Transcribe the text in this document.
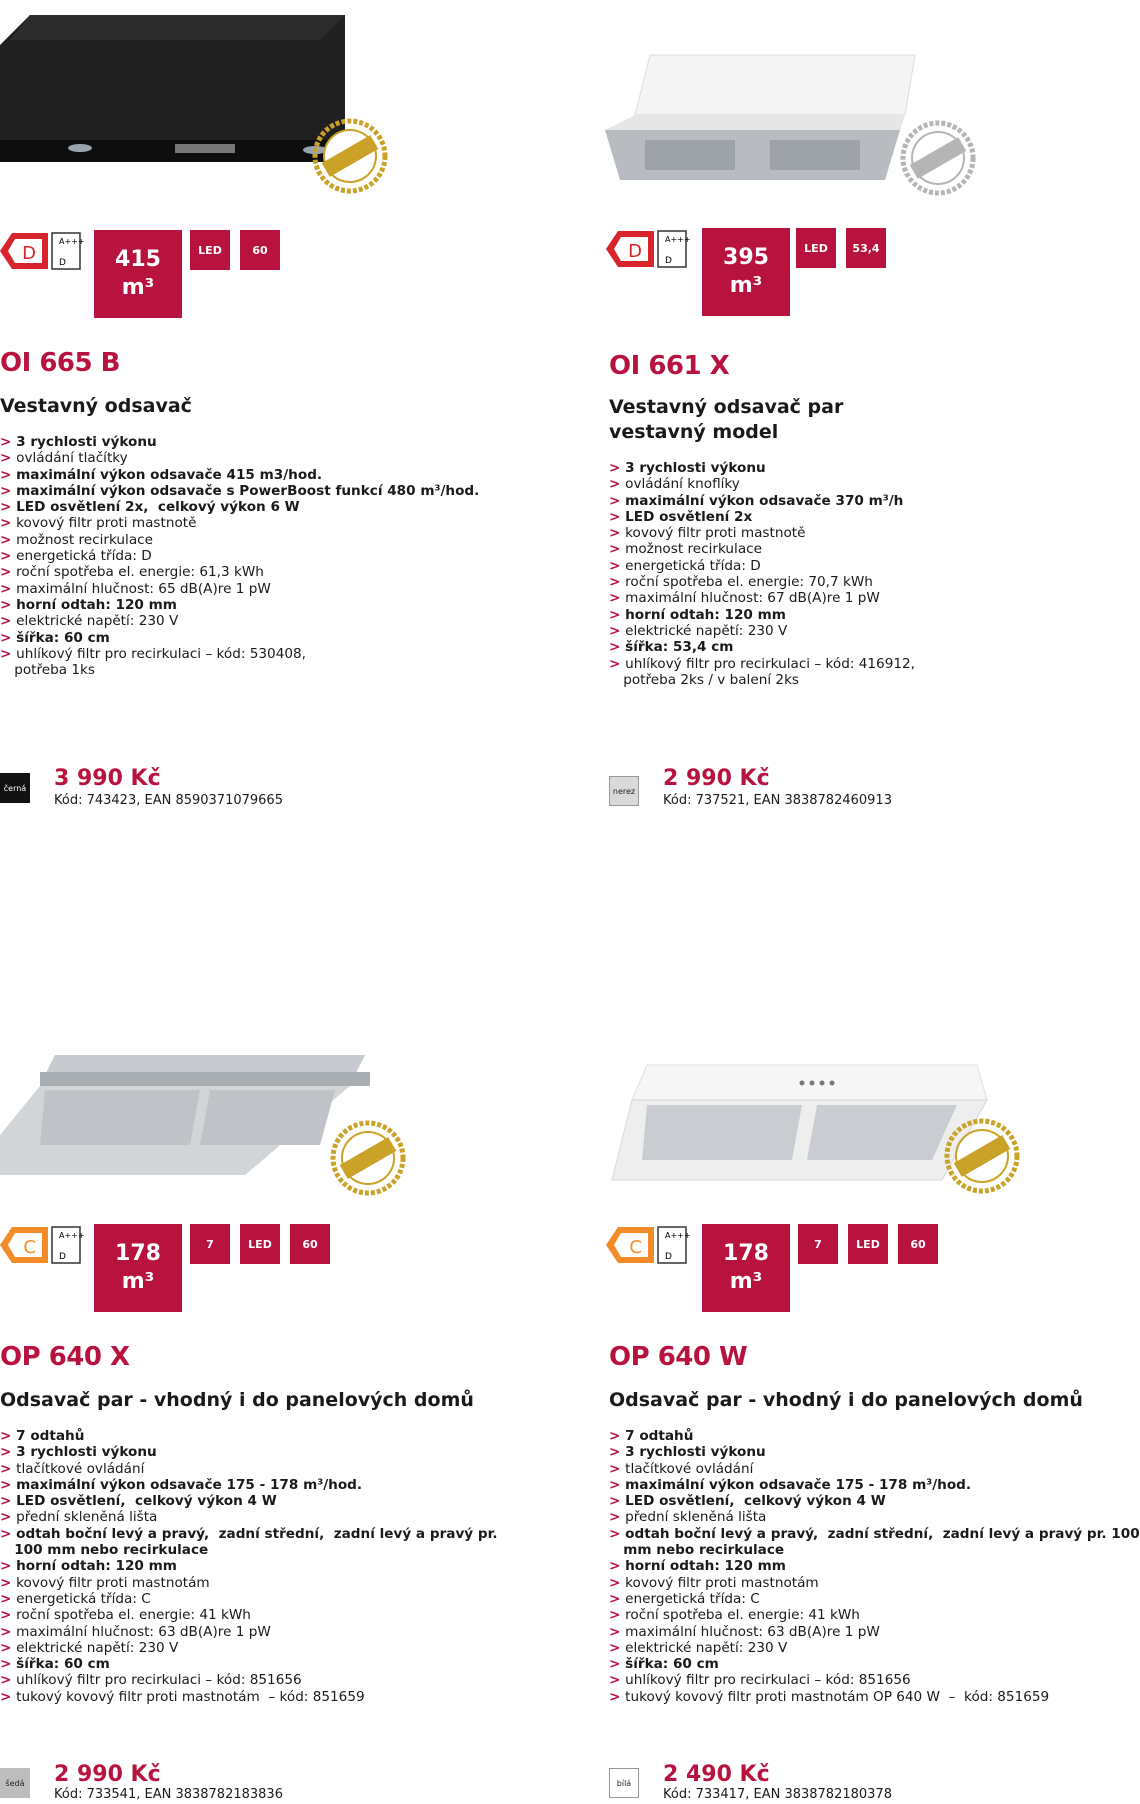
D
A+++
D	415
m³
LED	60
OI 665 B
Vestavný odsavač
> 3 rychlosti výkonu
> ovládání tlačítky
> maximální výkon odsavače 415 m3/hod.
> maximální výkon odsavače s PowerBoost funkcí 480 m³/hod.
> LED osvětlení 2x,  celkový výkon 6 W
> kovový filtr proti mastnotě
> možnost recirkulace
> energetická třída: D
> roční spotřeba el. energie: 61,3 kWh
> maximální hlučnost: 65 dB(A)re 1 pW
> horní odtah: 120 mm
> elektrické napětí: 230 V
> šířka: 60 cm
> uhlíkový filtr pro recirkulaci – kód: 530408,
potřeba 1ks
černá 3 990 Kč
Kód: 743423, EAN 8590371079665
D
A+++
D	395
m³
LED	53,4
OI 661 X
Vestavný odsavač par
vestavný model
> 3 rychlosti výkonu
> ovládání knoflíky
> maximální výkon odsavače 370 m³/h
> LED osvětlení 2x
> kovový filtr proti mastnotě
> možnost recirkulace
> energetická třída: D
> roční spotřeba el. energie: 70,7 kWh
> maximální hlučnost: 67 dB(A)re 1 pW
> horní odtah: 120 mm
> elektrické napětí: 230 V
> šířka: 53,4 cm
> uhlíkový filtr pro recirkulaci – kód: 416912,
potřeba 2ks / v balení 2ks
nerez 2 990 Kč
Kód: 737521, EAN 3838782460913
C
A+++
D	178
m³
7	LED	60
OP 640 X
Odsavač par - vhodný i do panelových domů
> 7 odtahů
> 3 rychlosti výkonu
> tlačítkové ovládání
> maximální výkon odsavače 175 - 178 m³/hod.
> LED osvětlení,  celkový výkon 4 W
> přední skleněná lišta
> odtah boční levý a pravý,  zadní střední,  zadní levý a pravý pr.
100 mm nebo recirkulace
> horní odtah: 120 mm
> kovový filtr proti mastnotám
> energetická třída: C
> roční spotřeba el. energie: 41 kWh
> maximální hlučnost: 63 dB(A)re 1 pW
> elektrické napětí: 230 V
> šířka: 60 cm
> uhlíkový filtr pro recirkulaci – kód: 851656
> tukový kovový filtr proti mastnotám  – kód: 851659
šedá 2 990 Kč
Kód: 733541, EAN 3838782183836
C
A+++
D	178
m³
7	LED	60
OP 640 W
Odsavač par - vhodný i do panelových domů
> 7 odtahů
> 3 rychlosti výkonu
> tlačítkové ovládání
> maximální výkon odsavače 175 - 178 m³/hod.
> LED osvětlení,  celkový výkon 4 W
> přední skleněná lišta
> odtah boční levý a pravý,  zadní střední,  zadní levý a pravý pr. 100
mm nebo recirkulace
> horní odtah: 120 mm
> kovový filtr proti mastnotám
> energetická třída: C
> roční spotřeba el. energie: 41 kWh
> maximální hlučnost: 63 dB(A)re 1 pW
> elektrické napětí: 230 V
> šířka: 60 cm
> uhlíkový filtr pro recirkulaci – kód: 851656
> tukový kovový filtr proti mastnotám OP 640 W  –  kód: 851659
bílá	2 490 Kč
Kód: 733417, EAN 3838782180378
